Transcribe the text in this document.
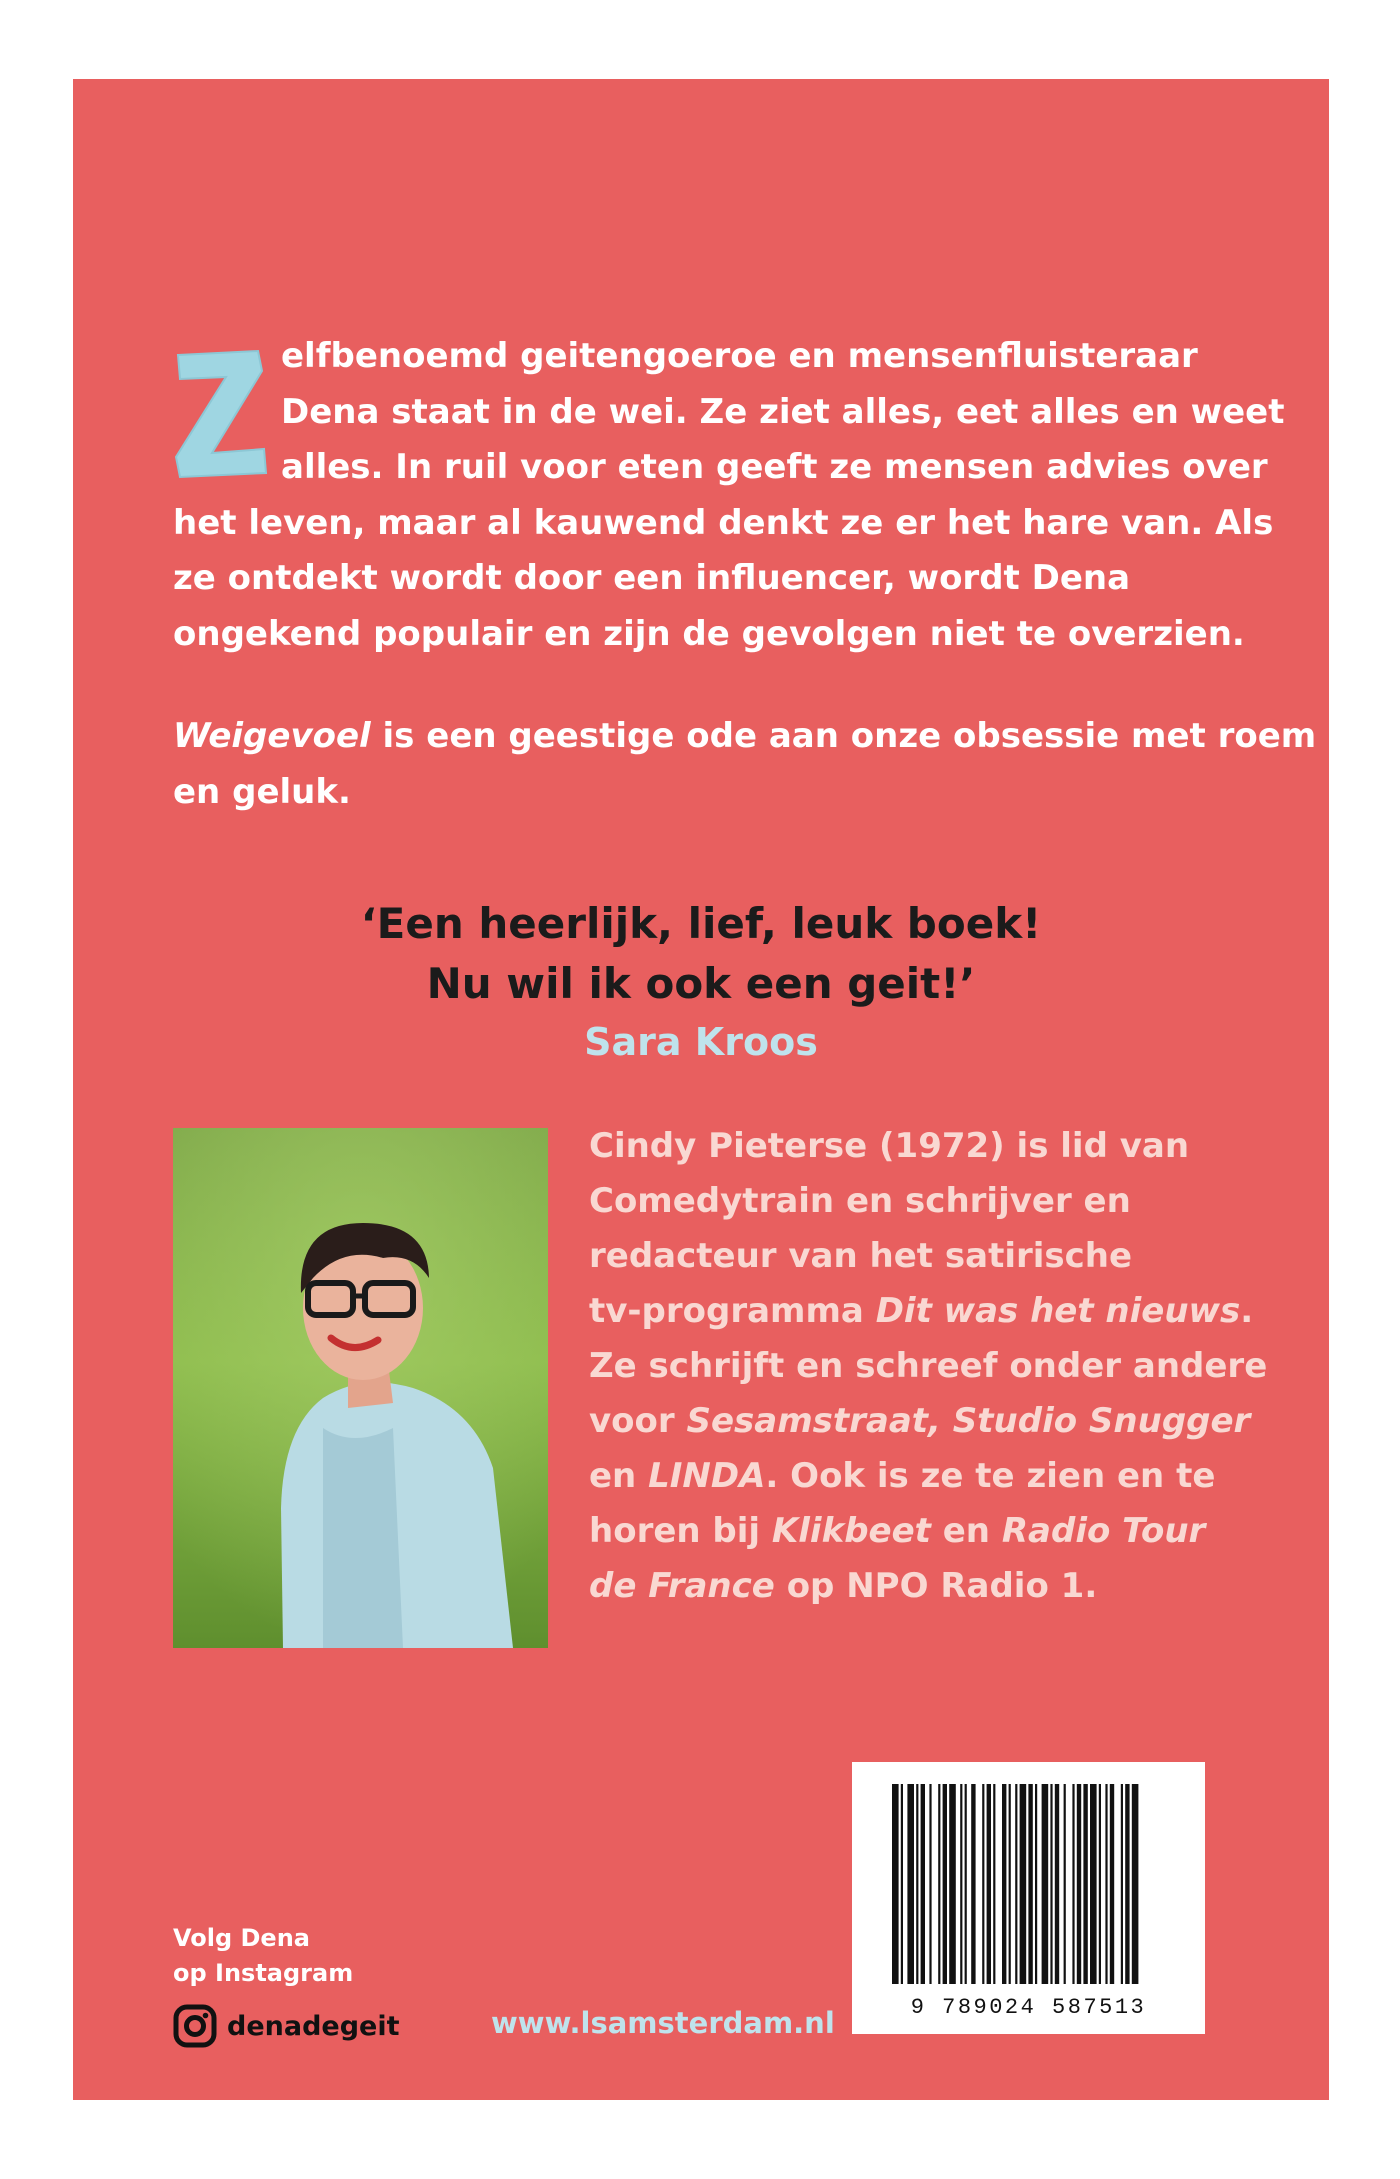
elfbenoemd geitengoeroe en mensenfluisteraar
Dena staat in de wei. Ze ziet alles, eet alles en weet
alles. In ruil voor eten geeft ze mensen advies over
het leven, maar al kauwend denkt ze er het hare van. Als
ze ontdekt wordt door een influencer, wordt Dena
ongekend populair en zijn de gevolgen niet te overzien.
Weigevoel is een geestige ode aan onze obsessie met roem
en geluk.
‘Een heerlijk, lief, leuk boek!
Nu wil ik ook een geit!’
Sara Kroos
Cindy Pieterse (1972) is lid van
Comedytrain en schrijver en
redacteur van het satirische
tv-programma Dit was het nieuws.
Ze schrijft en schreef onder andere
voor Sesamstraat, Studio Snugger
en LINDA. Ook is ze te zien en te
horen bij Klikbeet en Radio Tour
de France op NPO Radio 1.
9 789024 587513
Volg Dena
op Instagram
denadegeit	www.lsamsterdam.nl
